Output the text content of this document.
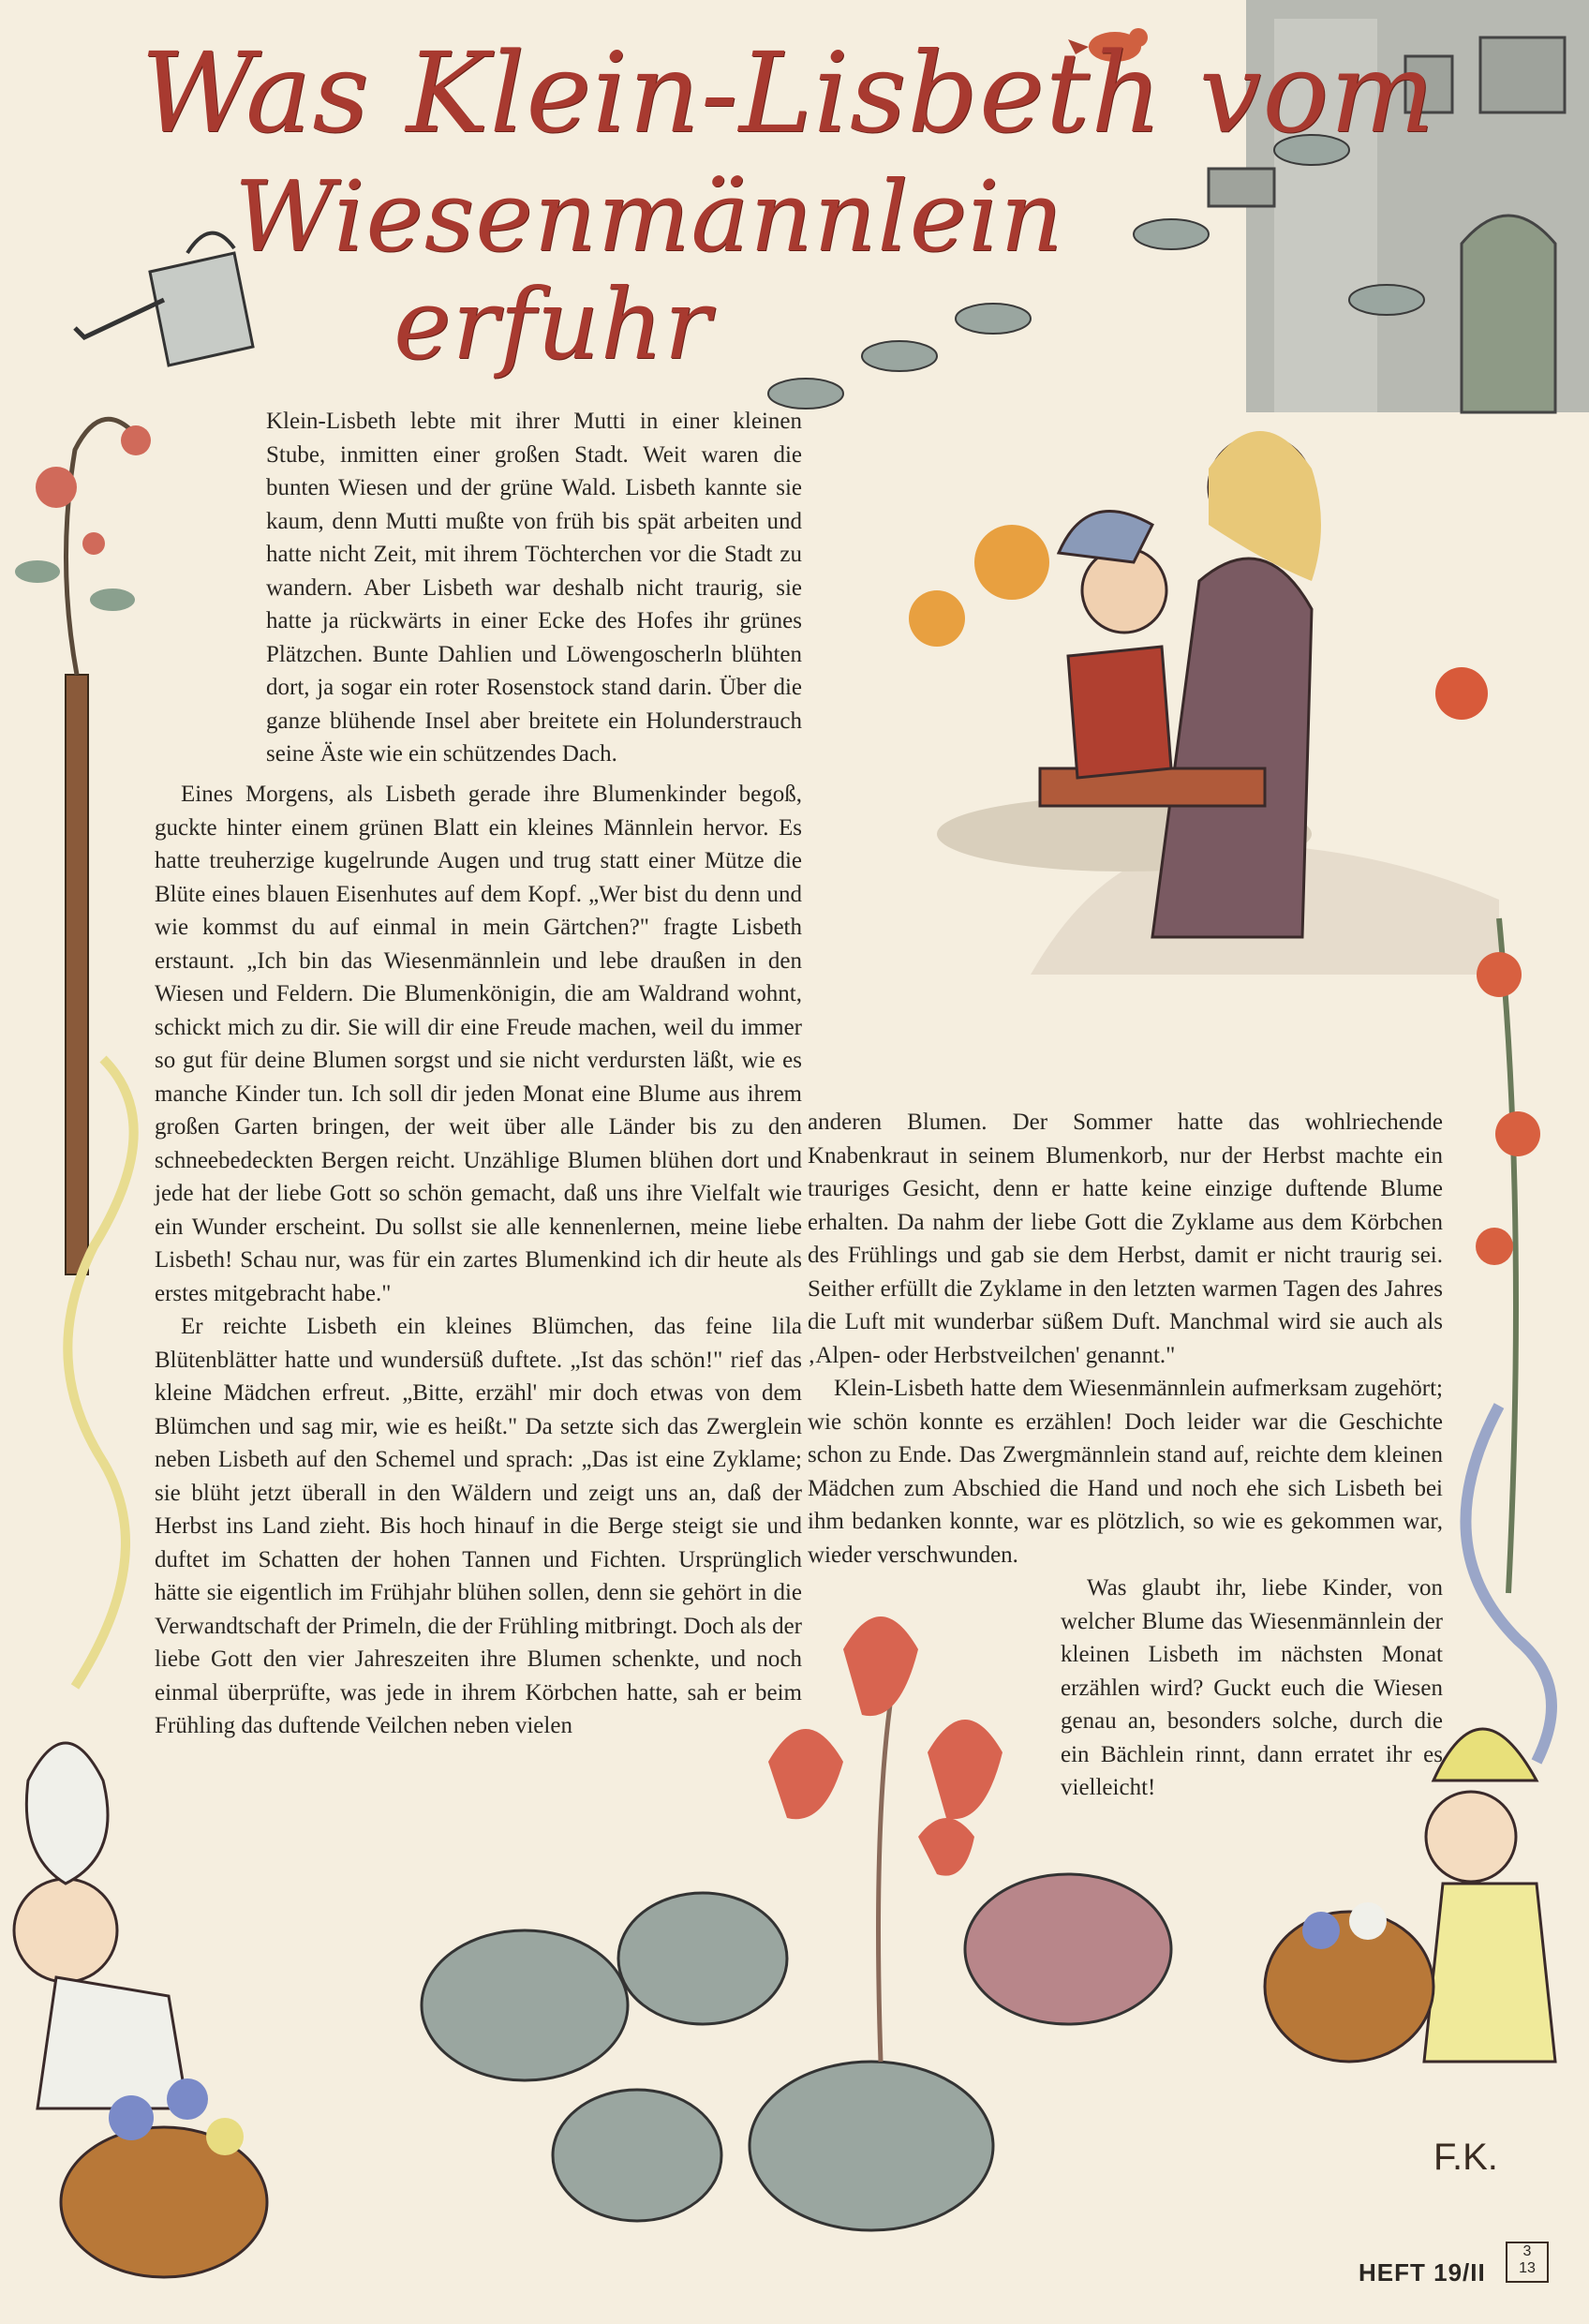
Was Klein-Lisbeth vom
Wiesenmännlein
erfuhr

Klein-Lisbeth lebte mit ihrer Mutti in einer kleinen Stube, inmitten einer großen Stadt. Weit waren die bunten Wiesen und der grüne Wald. Lisbeth kannte sie kaum, denn Mutti mußte von früh bis spät arbeiten und hatte nicht Zeit, mit ihrem Töchterchen vor die Stadt zu wandern. Aber Lisbeth war deshalb nicht traurig, sie hatte ja rückwärts in einer Ecke des Hofes ihr grünes Plätzchen. Bunte Dahlien und Löwengoscherln blühten dort, ja sogar ein roter Rosenstock stand darin. Über die ganze blühende Insel aber breitete ein Holunderstrauch seine Äste wie ein schützendes Dach.

Eines Morgens, als Lisbeth gerade ihre Blumenkinder begoß, guckte hinter einem grünen Blatt ein kleines Männlein hervor. Es hatte treuherzige kugelrunde Augen und trug statt einer Mütze die Blüte eines blauen Eisenhutes auf dem Kopf. „Wer bist du denn und wie kommst du auf einmal in mein Gärtchen?" fragte Lisbeth erstaunt. „Ich bin das Wiesenmännlein und lebe draußen in den Wiesen und Feldern. Die Blumenkönigin, die am Waldrand wohnt, schickt mich zu dir. Sie will dir eine Freude machen, weil du immer so gut für deine Blumen sorgst und sie nicht verdursten läßt, wie es manche Kinder tun. Ich soll dir jeden Monat eine Blume aus ihrem großen Garten bringen, der weit über alle Länder bis zu den schneebedeckten Bergen reicht. Unzählige Blumen blühen dort und jede hat der liebe Gott so schön gemacht, daß uns ihre Vielfalt wie ein Wunder erscheint. Du sollst sie alle kennenlernen, meine liebe Lisbeth! Schau nur, was für ein zartes Blumenkind ich dir heute als erstes mitgebracht habe."

Er reichte Lisbeth ein kleines Blümchen, das feine lila Blütenblätter hatte und wundersüß duftete. „Ist das schön!" rief das kleine Mädchen erfreut. „Bitte, erzähl' mir doch etwas von dem Blümchen und sag mir, wie es heißt." Da setzte sich das Zwerglein neben Lisbeth auf den Schemel und sprach: „Das ist eine Zyklame; sie blüht jetzt überall in den Wäldern und zeigt uns an, daß der Herbst ins Land zieht. Bis hoch hinauf in die Berge steigt sie und duftet im Schatten der hohen Tannen und Fichten. Ursprünglich hätte sie eigentlich im Frühjahr blühen sollen, denn sie gehört in die Verwandtschaft der Primeln, die der Frühling mitbringt. Doch als der liebe Gott den vier Jahreszeiten ihre Blumen schenkte, und noch einmal überprüfte, was jede in ihrem Körbchen hatte, sah er beim Frühling das duftende Veilchen neben vielen

anderen Blumen. Der Sommer hatte das wohlriechende Knabenkraut in seinem Blumenkorb, nur der Herbst machte ein trauriges Gesicht, denn er hatte keine einzige duftende Blume erhalten. Da nahm der liebe Gott die Zyklame aus dem Körbchen des Frühlings und gab sie dem Herbst, damit er nicht traurig sei. Seither erfüllt die Zyklame in den letzten warmen Tagen des Jahres die Luft mit wunderbar süßem Duft. Manchmal wird sie auch als ‚Alpen- oder Herbstveilchen' genannt."

Klein-Lisbeth hatte dem Wiesenmännlein aufmerksam zugehört; wie schön konnte es erzählen! Doch leider war die Geschichte schon zu Ende. Das Zwergmännlein stand auf, reichte dem kleinen Mädchen zum Abschied die Hand und noch ehe sich Lisbeth bei ihm bedanken konnte, war es plötzlich, so wie es gekommen war, wieder verschwunden.

Was glaubt ihr, liebe Kinder, von welcher Blume das Wiesenmännlein der kleinen Lisbeth im nächsten Monat erzählen wird? Guckt euch die Wiesen genau an, besonders solche, durch die ein Bächlein rinnt, dann erratet ihr es vielleicht!

F.K.
HEFT 19/II
3
13
